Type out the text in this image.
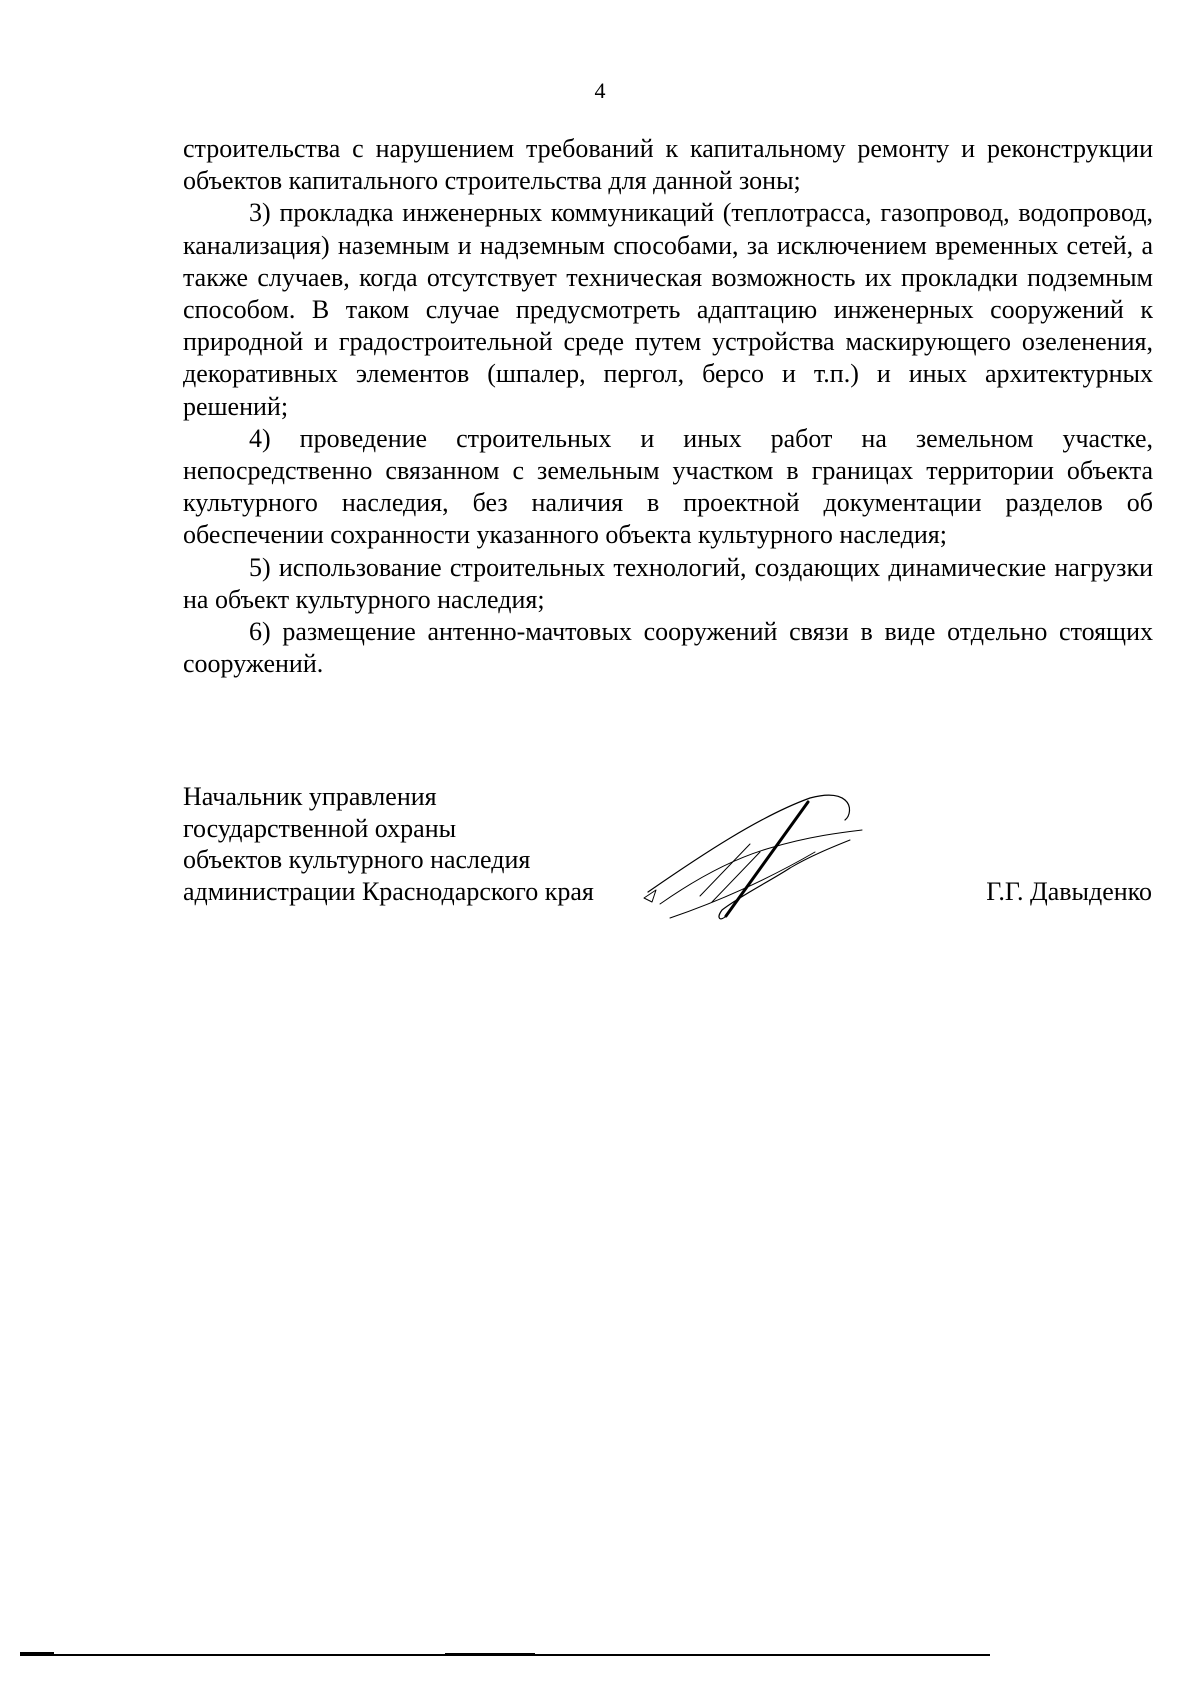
4

строительства с нарушением требований к капитальному ремонту и реконструкции объектов капитального строительства для данной зоны;

3) прокладка инженерных коммуникаций (теплотрасса, газопровод, водопровод, канализация) наземным и надземным способами, за исключением временных сетей, а также случаев, когда отсутствует техническая возможность их прокладки подземным способом. В таком случае предусмотреть адаптацию инженерных сооружений к природной и градостроительной среде путем устройства маскирующего озеленения, декоративных элементов (шпалер, пергол, берсо и т.п.) и иных архитектурных решений;

4) проведение строительных и иных работ на земельном участке, непосредственно связанном с земельным участком в границах территории объекта культурного наследия, без наличия в проектной документации разделов об обеспечении сохранности указанного объекта культурного наследия;

5) использование строительных технологий, создающих динамические нагрузки на объект культурного наследия;

6) размещение антенно-мачтовых сооружений связи в виде отдельно стоящих сооружений.

Начальник управления
государственной охраны
объектов культурного наследия
администрации Краснодарского края	Г.Г. Давыденко
